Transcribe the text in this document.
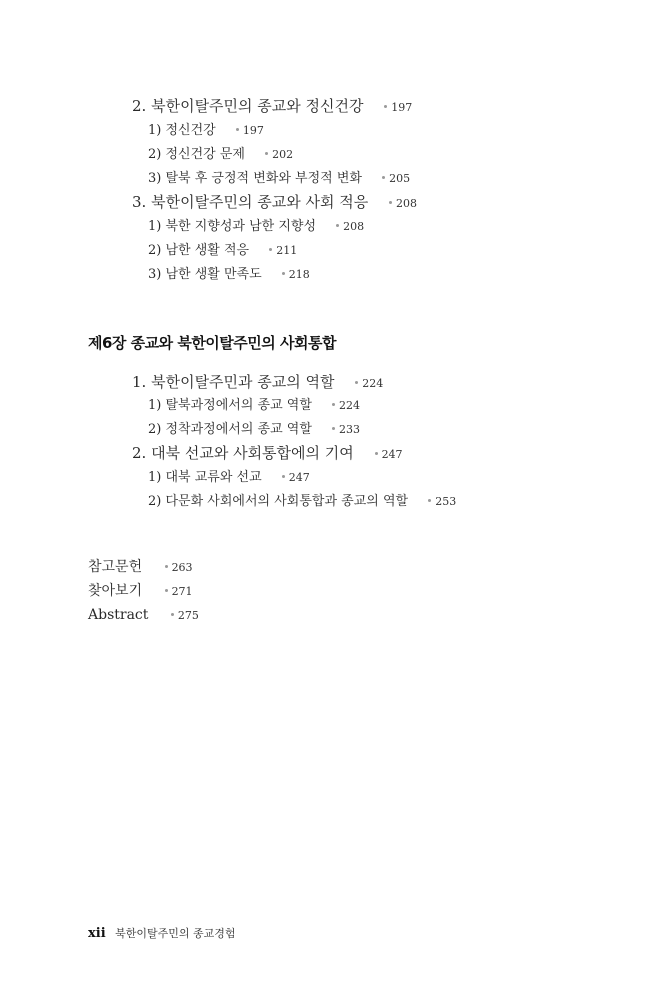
2. 북한이탈주민의 종교와 정신건강	197
1) 정신건강 197
2) 정신건강 문제 202
3) 탈북 후 긍정적 변화와 부정적 변화 205
3. 북한이탈주민의 종교와 사회 적응	208
1) 북한 지향성과 남한 지향성 208
2) 남한 생활 적응 211
3) 남한 생활 만족도 218
제6장 종교와 북한이탈주민의 사회통합
1. 북한이탈주민과 종교의 역할	224
1) 탈북과정에서의 종교 역할 224
2) 정착과정에서의 종교 역할 233
2. 대북 선교와 사회통합에의 기여	247
1) 대북 교류와 선교 247
2) 다문화 사회에서의 사회통합과 종교의 역할 253
참고문헌	263
찾아보기	271
Abstract	275
xii 북한이탈주민의 종교경험
